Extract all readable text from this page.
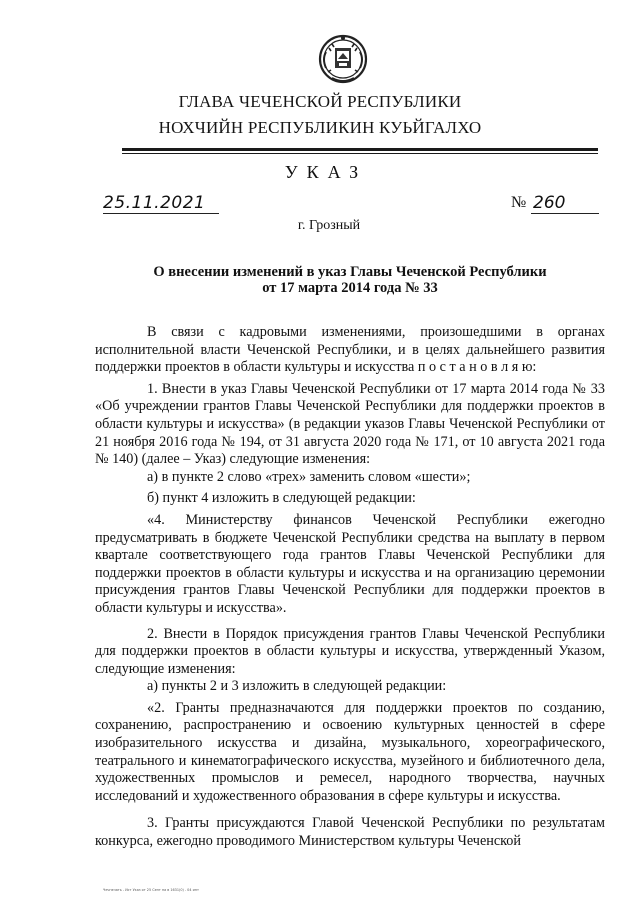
ГЛАВА ЧЕЧЕНСКОЙ РЕСПУБЛИКИ
НОХЧИЙН РЕСПУБЛИКИН КУЬЙГАЛХО
УКАЗ
25.11.2021	№ 260
г. Грозный
О внесении изменений в указ Главы Чеченской Республики
от 17 марта 2014 года № 33

В связи с кадровыми изменениями, произошедшими в органах исполнительной власти Чеченской Республики, и в целях дальнейшего развития поддержки проектов в области культуры и искусства п о с т а н о в л я ю:

1. Внести в указ Главы Чеченской Республики от 17 марта 2014 года № 33 «Об учреждении грантов Главы Чеченской Республики для поддержки проектов в области культуры и искусства» (в редакции указов Главы Чеченской Республики от 21 ноября 2016 года № 194, от 31 августа 2020 года № 171, от 10 августа 2021 года № 140) (далее – Указ) следующие изменения:

а) в пункте 2 слово «трех» заменить словом «шести»;

б) пункт 4 изложить в следующей редакции:

«4. Министерству финансов Чеченской Республики ежегодно предусматривать в бюджете Чеченской Республики средства на выплату в первом квартале соответствующего года грантов Главы Чеченской Республики для поддержки проектов в области культуры и искусства и на организацию церемонии присуждения грантов Главы Чеченской Республики для поддержки проектов в области культуры и искусства».

2. Внести в Порядок присуждения грантов Главы Чеченской Республики для поддержки проектов в области культуры и искусства, утвержденный Указом, следующие изменения:

а) пункты 2 и 3 изложить в следующей редакции:

«2. Гранты предназначаются для поддержки проектов по созданию, сохранению, распространению и освоению культурных ценностей в сфере изобразительного искусства и дизайна, музыкального, хореографического, театрального и кинематографического искусства, музейного и библиотечного дела, художественных промыслов и ремесел, народного творчества, научных исследований и художественного образования в сфере культуры и искусства.

3. Гранты присуждаются Главой Чеченской Республики по результатам конкурса, ежегодно проводимого Министерством культуры Чеченской

Чечпечать - Ист Указ от 25 Сент на в 1631(0) - 04 инт
